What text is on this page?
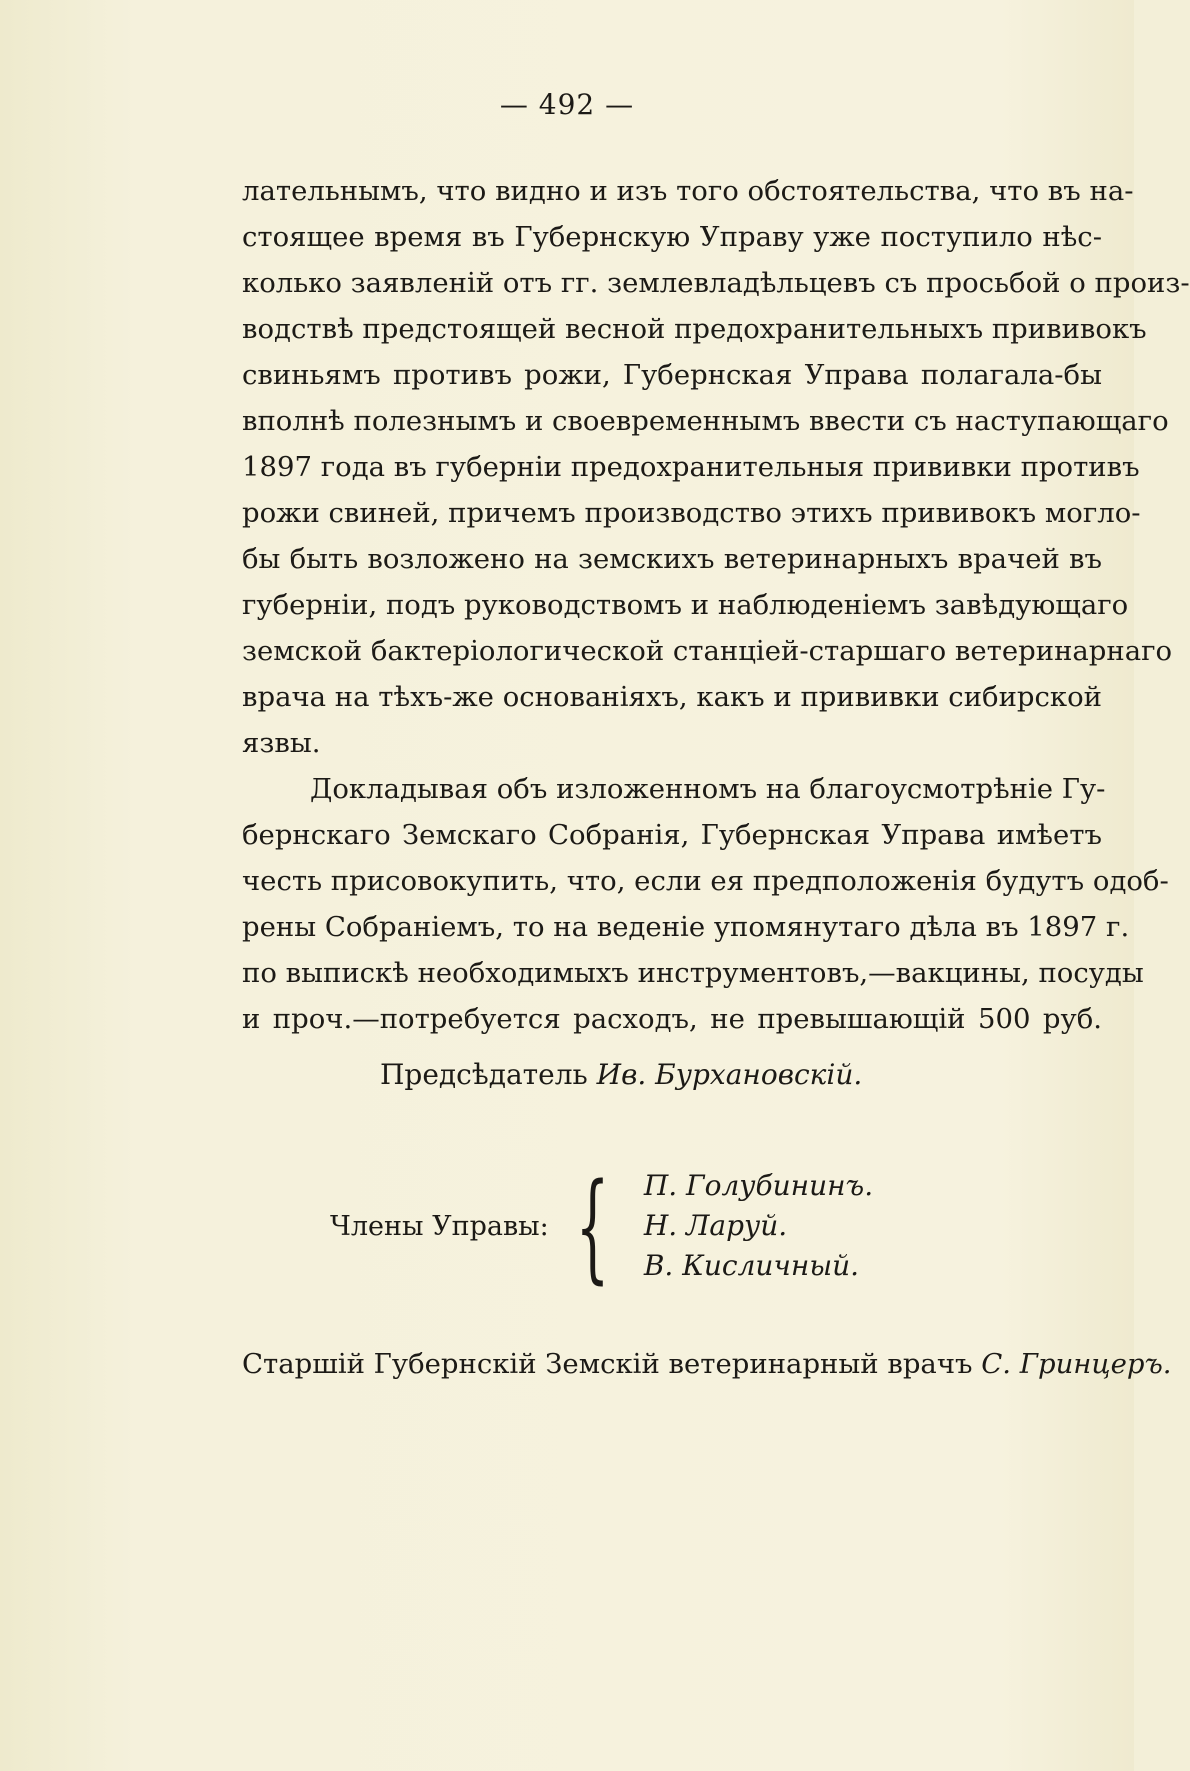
— 492 —
лательнымъ, что видно и изъ того обстоятельства, что въ на-
стоящее время въ Губернскую Управу уже поступило нѣс-
колько заявленій отъ гг. землевладѣльцевъ съ просьбой о произ-
водствѣ предстоящей весной предохранительныхъ прививокъ
свиньямъ противъ рожи, Губернская Управа полагала-бы
вполнѣ полезнымъ и своевременнымъ ввести съ наступающаго
1897 года въ губерніи предохранительныя прививки противъ
рожи свиней, причемъ производство этихъ прививокъ могло-
бы быть возложено на земскихъ ветеринарныхъ врачей въ
губерніи, подъ руководствомъ и наблюденіемъ завѣдующаго
земской бактеріологической станціей-старшаго ветеринарнаго
врача на тѣхъ-же основаніяхъ, какъ и прививки сибирской
язвы.
Докладывая объ изложенномъ на благоусмотрѣніе Гу-
бернскаго Земскаго Собранія, Губернская Управа имѣетъ
честь присовокупить, что, если ея предположенія будутъ одоб-
рены Собраніемъ, то на веденіе упомянутаго дѣла въ 1897 г.
по выпискѣ необходимыхъ инструментовъ,—вакцины, посуды
и проч.—потребуется расходъ, не превышающій 500 руб.
Предсѣдатель Ив. Бурхановскій.
Члены Управы: { П. Голубининъ.
Н. Ларуй.
В. Кисличный.
Старшій Губернскій Земскій ветеринарный врачъ С. Гринцеръ.
